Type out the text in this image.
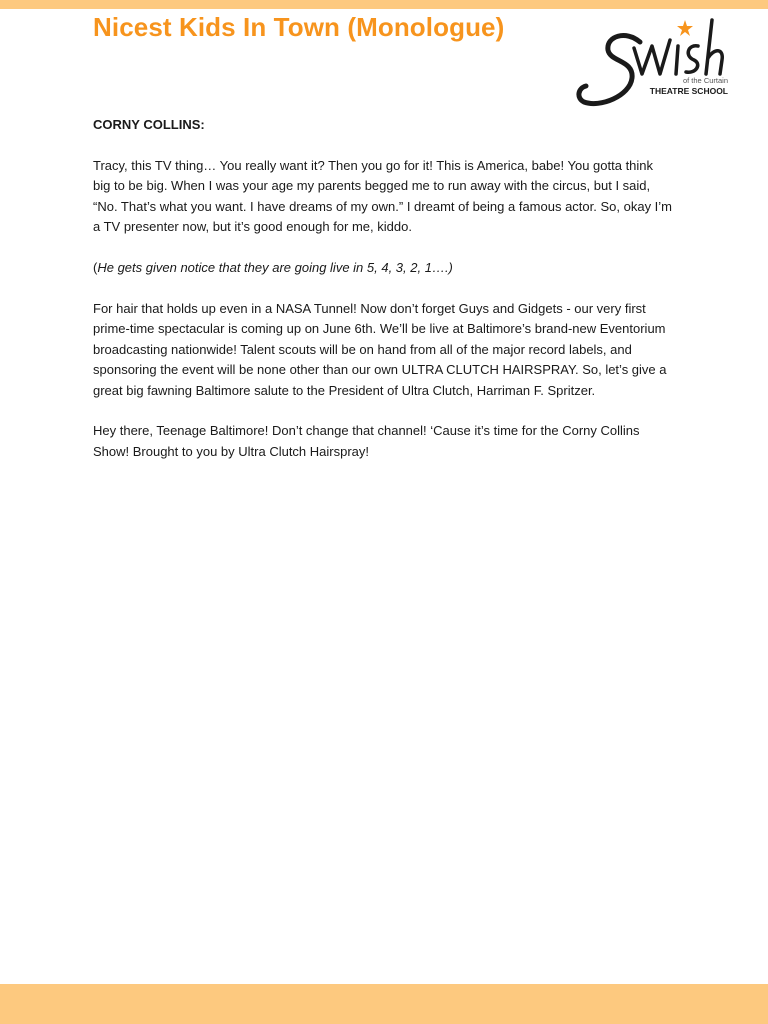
Nicest Kids In Town (Monologue)
of the Curtain
THEATRE SCHOOL

CORNY COLLINS:

Tracy, this TV thing… You really want it? Then you go for it! This is America, babe! You gotta think big to be big. When I was your age my parents begged me to run away with the circus, but I said, “No. That’s what you want. I have dreams of my own.” I dreamt of being a famous actor. So, okay I’m a TV presenter now, but it’s good enough for me, kiddo.

(He gets given notice that they are going live in 5, 4, 3, 2, 1….)

For hair that holds up even in a NASA Tunnel! Now don’t forget Guys and Gidgets - our very first prime-time spectacular is coming up on June 6th. We’ll be live at Baltimore’s brand-new Eventorium broadcasting nationwide! Talent scouts will be on hand from all of the major record labels, and sponsoring the event will be none other than our own ULTRA CLUTCH HAIRSPRAY. So, let’s give a great big fawning Baltimore salute to the President of Ultra Clutch, Harriman F. Spritzer.

Hey there, Teenage Baltimore! Don’t change that channel! ‘Cause it’s time for the Corny Collins Show! Brought to you by Ultra Clutch Hairspray!
